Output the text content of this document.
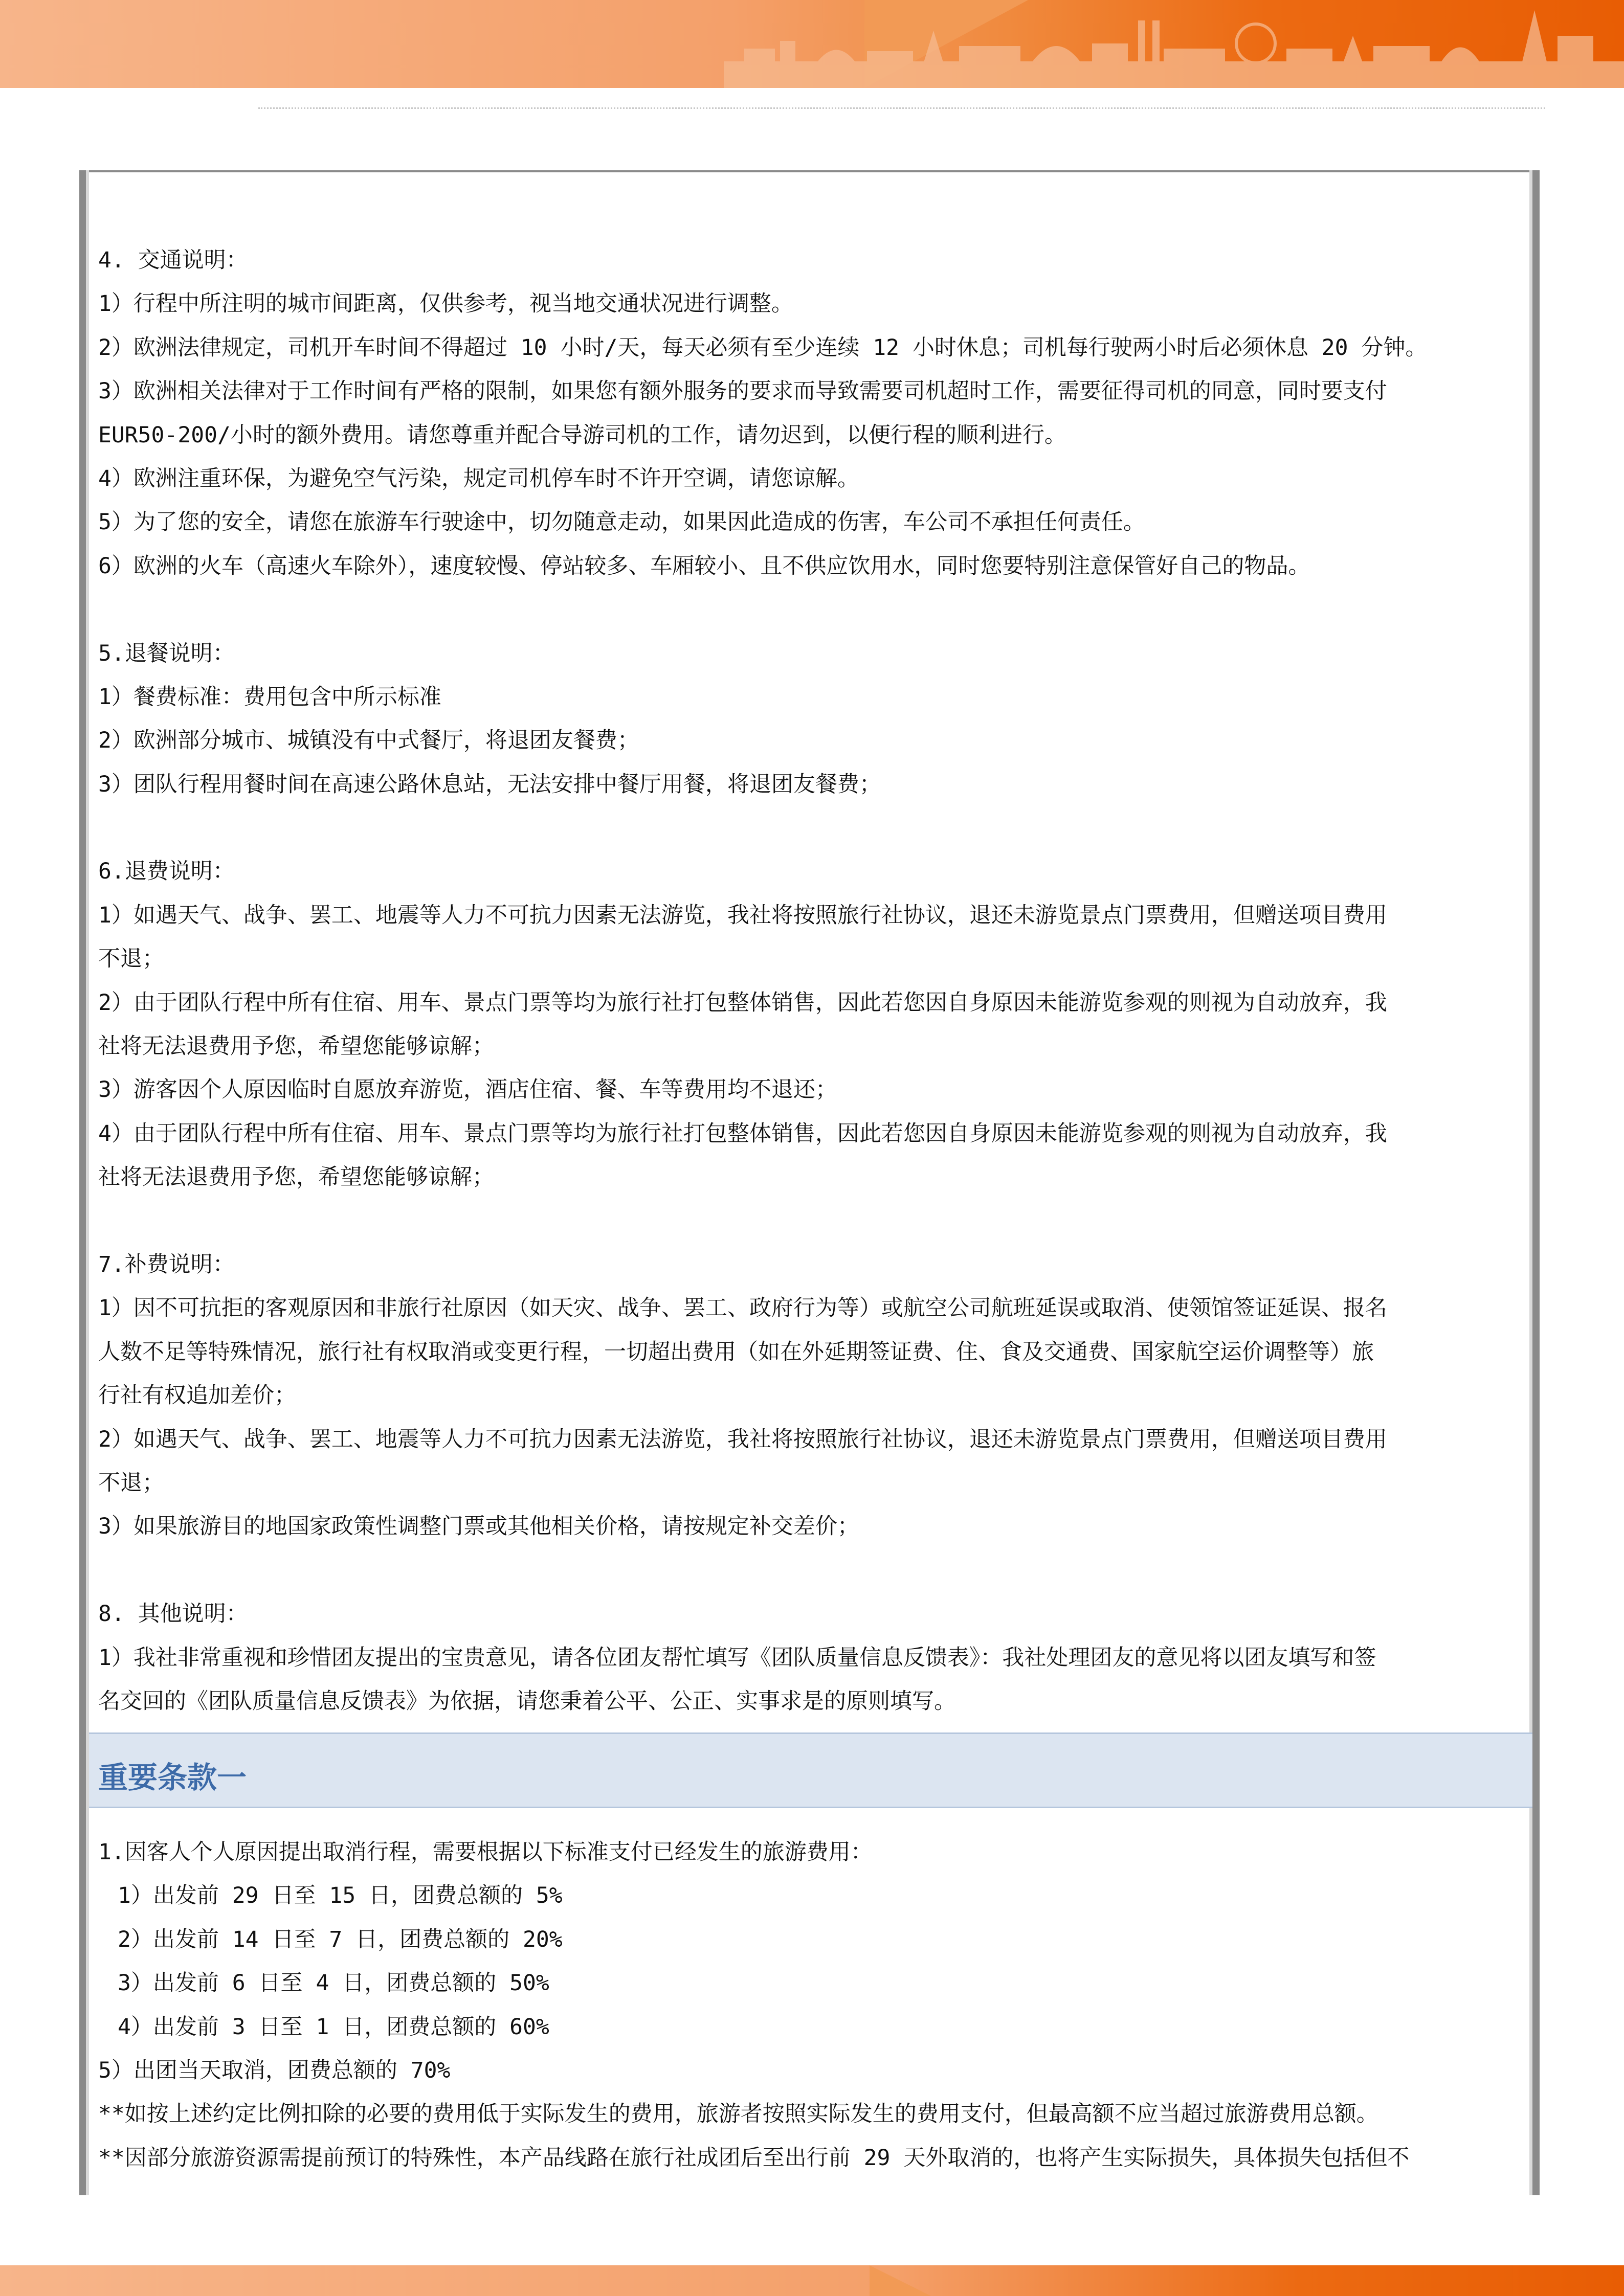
4. 交通说明：

1）行程中所注明的城市间距离，仅供参考，视当地交通状况进行调整。

2）欧洲法律规定，司机开车时间不得超过 10 小时/天，每天必须有至少连续 12 小时休息；司机每行驶两小时后必须休息 20 分钟。

3）欧洲相关法律对于工作时间有严格的限制，如果您有额外服务的要求而导致需要司机超时工作，需要征得司机的同意，同时要支付

EUR50-200/小时的额外费用。请您尊重并配合导游司机的工作，请勿迟到，以便行程的顺利进行。

4）欧洲注重环保，为避免空气污染，规定司机停车时不许开空调，请您谅解。

5）为了您的安全，请您在旅游车行驶途中，切勿随意走动，如果因此造成的伤害，车公司不承担任何责任。

6）欧洲的火车（高速火车除外），速度较慢、停站较多、车厢较小、且不供应饮用水，同时您要特别注意保管好自己的物品。

5.退餐说明：

1）餐费标准：费用包含中所示标准

2）欧洲部分城市、城镇没有中式餐厅，将退团友餐费；

3）团队行程用餐时间在高速公路休息站，无法安排中餐厅用餐，将退团友餐费；

6.退费说明：

1）如遇天气、战争、罢工、地震等人力不可抗力因素无法游览，我社将按照旅行社协议，退还未游览景点门票费用，但赠送项目费用

不退；

2）由于团队行程中所有住宿、用车、景点门票等均为旅行社打包整体销售，因此若您因自身原因未能游览参观的则视为自动放弃，我

社将无法退费用予您，希望您能够谅解；

3）游客因个人原因临时自愿放弃游览，酒店住宿、餐、车等费用均不退还；

4）由于团队行程中所有住宿、用车、景点门票等均为旅行社打包整体销售，因此若您因自身原因未能游览参观的则视为自动放弃，我

社将无法退费用予您，希望您能够谅解；

7.补费说明：

1）因不可抗拒的客观原因和非旅行社原因（如天灾、战争、罢工、政府行为等）或航空公司航班延误或取消、使领馆签证延误、报名

人数不足等特殊情况，旅行社有权取消或变更行程，一切超出费用（如在外延期签证费、住、食及交通费、国家航空运价调整等）旅

行社有权追加差价；

2）如遇天气、战争、罢工、地震等人力不可抗力因素无法游览，我社将按照旅行社协议，退还未游览景点门票费用，但赠送项目费用

不退；

3）如果旅游目的地国家政策性调整门票或其他相关价格，请按规定补交差价；

8. 其他说明：

1）我社非常重视和珍惜团友提出的宝贵意见，请各位团友帮忙填写《团队质量信息反馈表》：我社处理团友的意见将以团友填写和签

名交回的《团队质量信息反馈表》为依据，请您秉着公平、公正、实事求是的原则填写。

重要条款一

1.因客人个人原因提出取消行程，需要根据以下标准支付已经发生的旅游费用：

1）出发前 29 日至 15 日，团费总额的 5%

2）出发前 14 日至 7 日，团费总额的 20%

3）出发前 6 日至 4 日，团费总额的 50%

4）出发前 3 日至 1 日，团费总额的 60%

5）出团当天取消，团费总额的 70%

**如按上述约定比例扣除的必要的费用低于实际发生的费用，旅游者按照实际发生的费用支付，但最高额不应当超过旅游费用总额。

**因部分旅游资源需提前预订的特殊性，本产品线路在旅行社成团后至出行前 29 天外取消的，也将产生实际损失，具体损失包括但不
